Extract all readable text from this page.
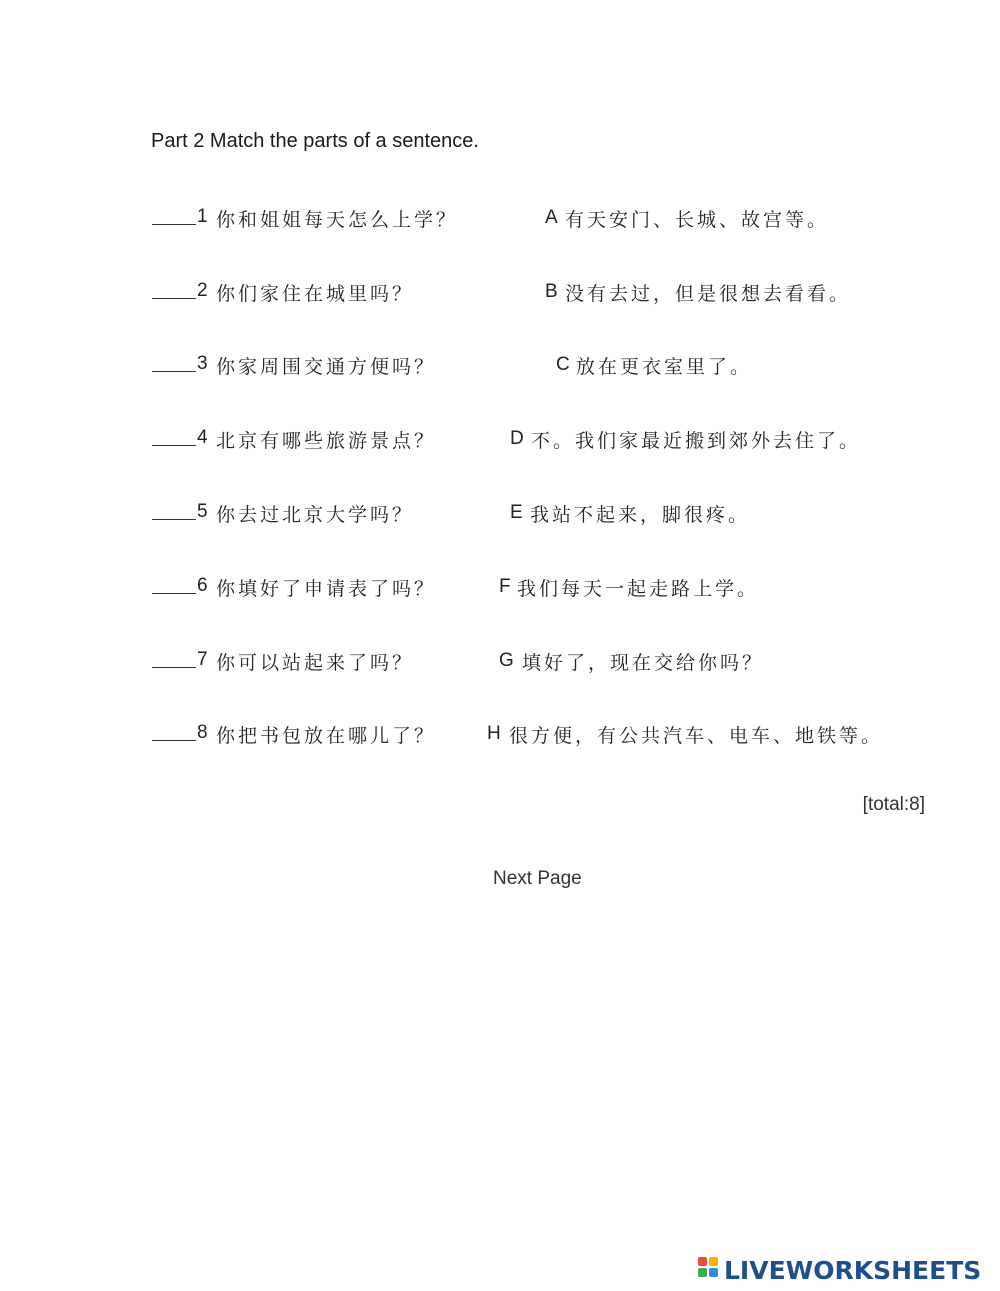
Part 2 Match the parts of a sentence.
1 你和姐姐每天怎么上学？	A 有天安门、长城、故宫等。
2 你们家住在城里吗？	B 没有去过，但是很想去看看。
3 你家周围交通方便吗？	C 放在更衣室里了。
4 北京有哪些旅游景点？	D 不。我们家最近搬到郊外去住了。
5 你去过北京大学吗？	E 我站不起来，脚很疼。
6 你填好了申请表了吗？	F 我们每天一起走路上学。
7 你可以站起来了吗？	G 填好了，现在交给你吗？
8 你把书包放在哪儿了？	H 很方便，有公共汽车、电车、地铁等。
[total:8]
Next Page
LIVEWORKSHEETS
